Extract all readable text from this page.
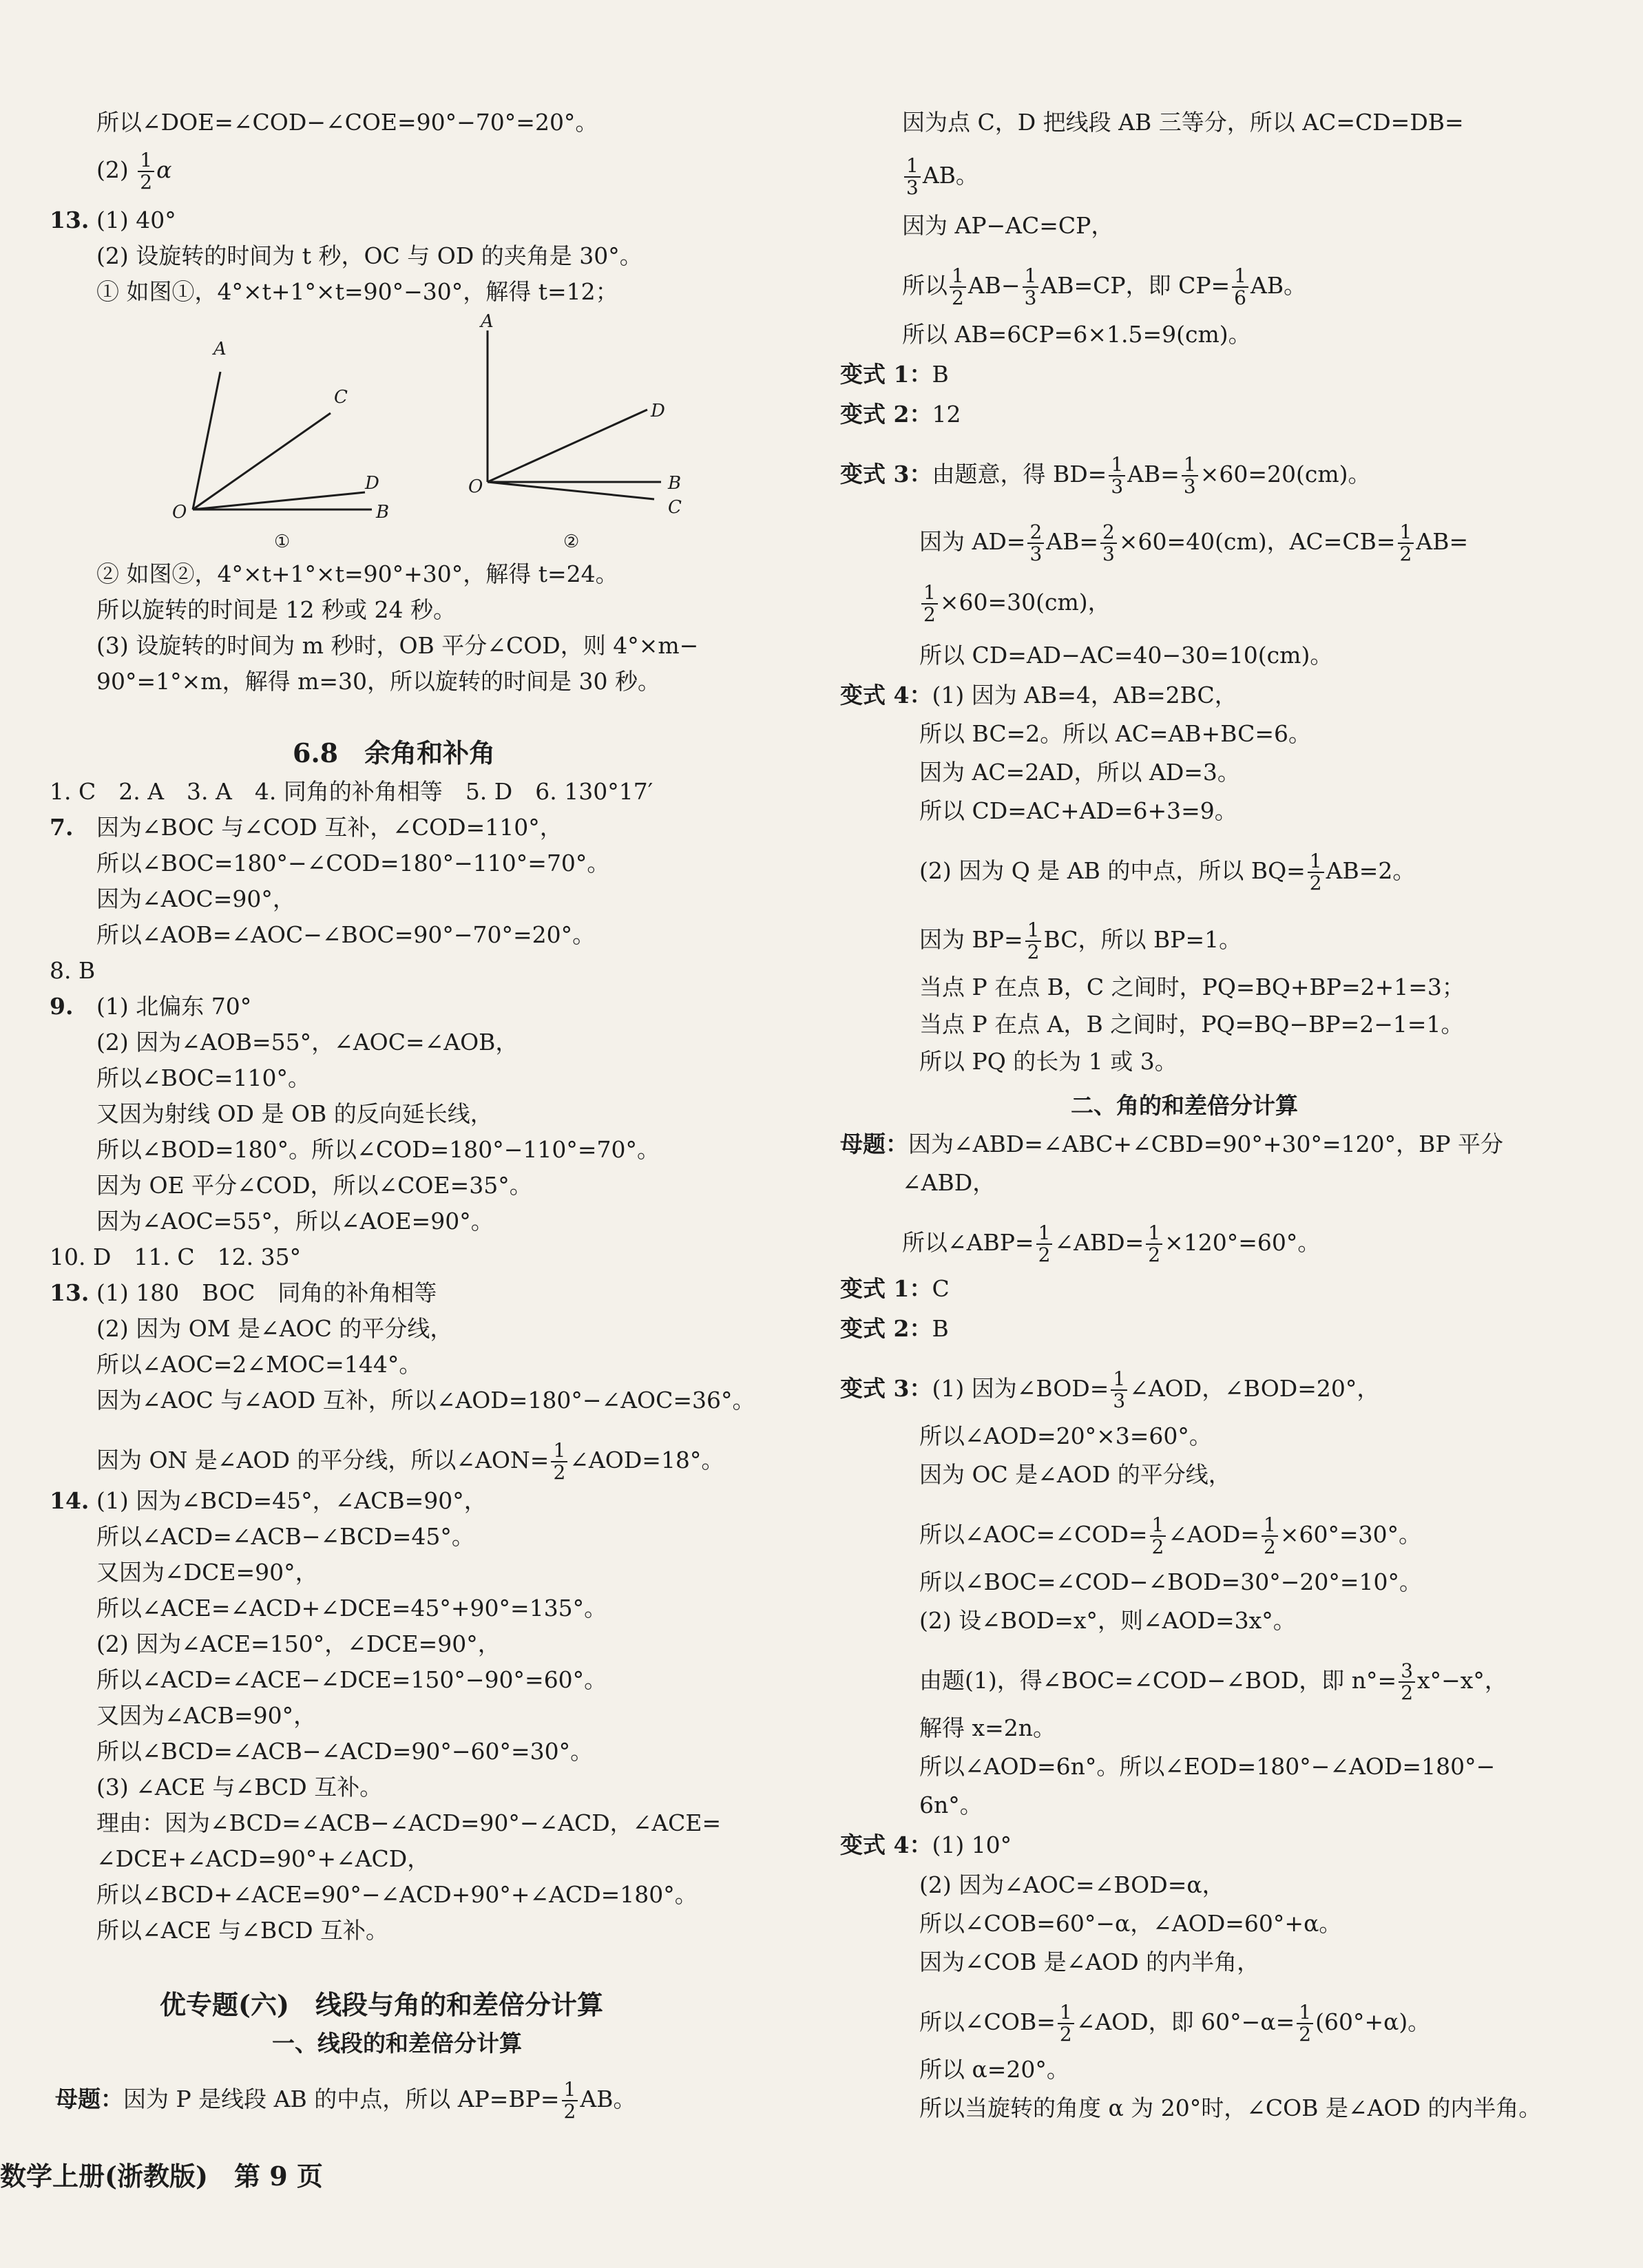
所以∠DOE=∠COD−∠COE=90°−70°=20°。
$(2) \frac{1}{2}$ α
13. (1) 40°
(2) 设旋转的时间为 t 秒，OC 与 OD 的夹角是 30°。
① 如图①，4°×t+1°×t=90°−30°，解得 t=12；
A
C
D
O	B
①
A
D
O	B
C
②
② 如图②，4°×t+1°×t=90°+30°，解得 t=24。
所以旋转的时间是 12 秒或 24 秒。
(3) 设旋转的时间为 m 秒时，OB 平分∠COD，则 4°×m−
90°=1°×m，解得 m=30，所以旋转的时间是 30 秒。
6.8　余角和补角
1. C　2. A　3. A　4. 同角的补角相等　5. D　6. 130°17′
7. 因为∠BOC 与∠COD 互补，∠COD=110°，
所以∠BOC=180°−∠COD=180°−110°=70°。
因为∠AOC=90°，
所以∠AOB=∠AOC−∠BOC=90°−70°=20°。
8. B
9. (1) 北偏东 70°
(2) 因为∠AOB=55°，∠AOC=∠AOB，
所以∠BOC=110°。
又因为射线 OD 是 OB 的反向延长线，
所以∠BOD=180°。所以∠COD=180°−110°=70°。
因为 OE 平分∠COD，所以∠COE=35°。
因为∠AOC=55°，所以∠AOE=90°。
10. D　11. C　12. 35°
13. (1) 180　BOC　同角的补角相等
(2) 因为 OM 是∠AOC 的平分线，
所以∠AOC=2∠MOC=144°。
因为∠AOC 与∠AOD 互补，所以∠AOD=180°−∠AOC=36°。
因为 ON 是∠AOD 的平分线，所以∠AON= $\frac{1}{2}$ ∠AOD=18°。
14. (1) 因为∠BCD=45°，∠ACB=90°，
所以∠ACD=∠ACB−∠BCD=45°。
又因为∠DCE=90°，
所以∠ACE=∠ACD+∠DCE=45°+90°=135°。
(2) 因为∠ACE=150°，∠DCE=90°，
所以∠ACD=∠ACE−∠DCE=150°−90°=60°。
又因为∠ACB=90°，
所以∠BCD=∠ACB−∠ACD=90°−60°=30°。
(3) ∠ACE 与∠BCD 互补。
理由：因为∠BCD=∠ACB−∠ACD=90°−∠ACD，∠ACE=
∠DCE+∠ACD=90°+∠ACD，
所以∠BCD+∠ACE=90°−∠ACD+90°+∠ACD=180°。
所以∠ACE 与∠BCD 互补。
优专题(六)　线段与角的和差倍分计算
一、线段的和差倍分计算
母题：因为 P 是线段 AB 的中点，所以 $AP=BP= \frac{1}{2}$ AB。
因为点 C，D 把线段 AB 三等分，所以 AC=CD=DB=
$\frac{1}{3}$ AB。
因为 AP−AC=CP，
所以 $\frac{1}{2} AB- \frac{1}{3} AB=CP$，即 $CP= \frac{1}{6}$ AB。
所以 AB=6CP=6×1.5=9(cm)。
变式 1：B
变式 2：12
变式 3：由题意，得 $BD= \frac{1}{3} AB= \frac{1}{3} \times 60=20(cm)$。
因为 $AD= \frac{2}{3} AB= \frac{2}{3} \times 60=40(cm)$，$AC=CB= \frac{1}{2} AB=$
$\frac{1}{2} \times 60=30(cm)$，
所以 CD=AD−AC=40−30=10(cm)。
变式 4：(1) 因为 AB=4，AB=2BC，
所以 BC=2。所以 AC=AB+BC=6。
因为 AC=2AD，所以 AD=3。
所以 CD=AC+AD=6+3=9。
(2) 因为 Q 是 AB 的中点，所以 $BQ= \frac{1}{2} AB=2$。
因为 $BP= \frac{1}{2}$ BC，所以 BP=1。
当点 P 在点 B，C 之间时，PQ=BQ+BP=2+1=3；
当点 P 在点 A，B 之间时，PQ=BQ−BP=2−1=1。
所以 PQ 的长为 1 或 3。
二、角的和差倍分计算
母题：因为∠ABD=∠ABC+∠CBD=90°+30°=120°，BP 平分
∠ABD，
所以∠ABP= $\frac{1}{2}$ ∠ABD= $\frac{1}{2} \times 120^\circ=60^\circ$。
变式 1：C
变式 2：B
变式 3：(1) 因为∠BOD= $\frac{1}{3}$ ∠AOD，∠BOD=20°，
所以∠AOD=20°×3=60°。
因为 OC 是∠AOD 的平分线，
所以∠AOC=∠COD= $\frac{1}{2}$ ∠AOD= $\frac{1}{2} \times 60^\circ=30^\circ$。
所以∠BOC=∠COD−∠BOD=30°−20°=10°。
(2) 设∠BOD=x°，则∠AOD=3x°。
由题(1)，得∠BOC=∠COD−∠BOD，即 $n^\circ= \frac{3}{2} x^\circ-x^\circ$，
解得 x=2n。
所以∠AOD=6n°。所以∠EOD=180°−∠AOD=180°−
6n°。
变式 4：(1) 10°
(2) 因为∠AOC=∠BOD=α，
所以∠COB=60°−α，∠AOD=60°+α。
因为∠COB 是∠AOD 的内半角，
所以∠COB= $\frac{1}{2}$ ∠AOD，即 $60^\circ-\alpha= \frac{1}{2} (60^\circ+\alpha)$。
所以 α=20°。
所以当旋转的角度 α 为 20°时，∠COB 是∠AOD 的内半角。
数学上册(浙教版)　第 9 页
